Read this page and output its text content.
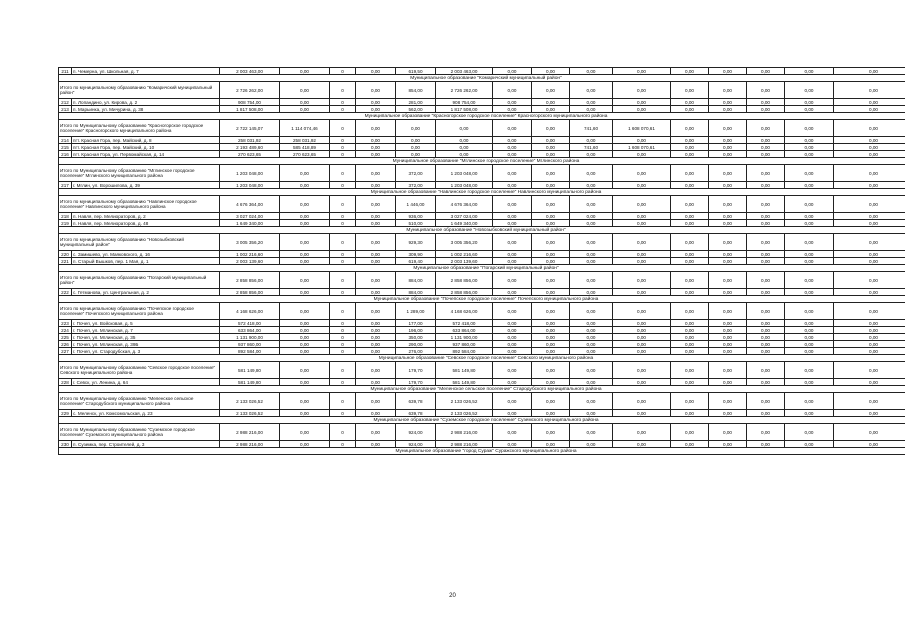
211	п. Чемерна, ул. Школьная, д. 7	2 003 463,00	0,00	0	0,00	619,50	2 003 463,00	0,00	0,00	0,00	0,00	0,00	0,00	0,00	0,00	0,00
Муниципальное образование "Комаричский муниципальный район"																
Итого по муниципальному образованию "Комаричский муниципальный район"		2 726 262,00	0,00	0	0,00	854,00	2 726 262,00	0,00	0,00	0,00	0,00	0,00	0,00	0,00	0,00	0,00
212	п. Лопандино, ул. Кирова, д. 2	908 754,00	0,00	0	0,00	281,00	908 754,00	0,00	0,00	0,00	0,00	0,00	0,00	0,00	0,00	0,00
213	п. Марьинка, ул. Мичурина, д. 38	1 817 508,00	0,00	0	0,00	562,00	1 817 508,00	0,00	0,00	0,00	0,00	0,00	0,00	0,00	0,00	0,00
Муниципальное образование "Красногорское городское поселение" Красногорского муниципального района																
Итого по Муниципальному образованию "Красногорское городское поселение" Красногорского муниципального района		2 722 145,07	1 114 074,46	0	0,00	0,00	0,00	0,00	0,00	741,60	1 608 070,61	0,00	0,00	0,00	0,00	0,00
214	пгт. Красная Гора, пер. Майский, д. 8	258 031,92	258 031,92	0	0,00	0,00	0,00	0,00	0,00	0,00	0,00	0,00	0,00	0,00	0,00	0,00
215	пгт. Красная Гора, пер. Майский, д. 10	2 193 489,60	585 418,89	0	0,00	0,00	0,00	0,00	0,00	741,60	1 608 070,61	0,00	0,00	0,00	0,00	0,00
216	пгт. Красная Гора, ул. Первомайская, д. 14	270 623,65	270 623,65	0	0,00	0,00	0,00	0,00	0,00	0,00	0,00	0,00	0,00	0,00	0,00	0,00
Муниципальное образование "Мглинское городское поселение" Мглинского района																
Итого по Муниципальному образованию "Мглинское городское поселение" Мглинского муниципального района		1 203 048,00	0,00	0	0,00	372,00	1 203 048,00	0,00	0,00	0,00	0,00	0,00	0,00	0,00	0,00	0,00
217	г. Мглин, ул. Ворошилова, д. 39	1 203 048,00	0,00	0	0,00	372,00	1 203 048,00	0,00	0,00	0,00	0,00	0,00	0,00	0,00	0,00	0,00
Муниципальное образование "Навлинское городское поселение" Навлинского муниципального района																
Итого по муниципальному образованию "Навлинское городское поселение" Навлинского муниципального района		4 676 364,00	0,00	0	0,00	1 446,00	4 676 364,00	0,00	0,00	0,00	0,00	0,00	0,00	0,00	0,00	0,00
218	п. Навля, пер. Мелиораторов, д. 2	3 027 024,00	0,00	0	0,00	936,00	3 027 024,00	0,00	0,00	0,00	0,00	0,00	0,00	0,00	0,00	0,00
219	п. Навля, пер. Мелиораторов, д. 48	1 649 340,00	0,00	0	0,00	510,00	1 649 340,00	0,00	0,00	0,00	0,00	0,00	0,00	0,00	0,00	0,00
Муниципальное образование "Новозыбковский муниципальный район"																
Итого по муниципальному образованию "Новозыбковский муниципальный район"		3 005 356,20	0,00	0	0,00	929,30	3 005 356,20	0,00	0,00	0,00	0,00	0,00	0,00	0,00	0,00	0,00
220	с. Замишево, ул. Маяковского, д. 16	1 002 216,60	0,00	0	0,00	309,90	1 002 216,60	0,00	0,00	0,00	0,00	0,00	0,00	0,00	0,00	0,00
221	п. Старый Вышков, пер. 1 Мая, д. 1	2 003 139,60	0,00	0	0,00	619,40	2 003 139,60	0,00	0,00	0,00	0,00	0,00	0,00	0,00	0,00	0,00
Муниципальное образование "Погарский муниципальный район"																
Итого по муниципальному образованию "Погарский муниципальный район"		2 858 856,00	0,00	0	0,00	884,00	2 858 856,00	0,00	0,00	0,00	0,00	0,00	0,00	0,00	0,00	0,00
222	с. Гетманова, ул. Центральная, д. 2	2 858 856,00	0,00	0	0,00	884,00	2 858 856,00	0,00	0,00	0,00	0,00	0,00	0,00	0,00	0,00	0,00
Муниципальное образование "Почепское городское поселение" Почепского муниципального района																
Итого по муниципальному образованию "Почепское городское поселение" Почепского муниципального района		4 168 626,00	0,00	0	0,00	1 289,00	4 168 626,00	0,00	0,00	0,00	0,00	0,00	0,00	0,00	0,00	0,00
223	г. Почеп, ул. Войсковая, д. 5	572 418,00	0,00	0	0,00	177,00	572 418,00	0,00	0,00	0,00	0,00	0,00	0,00	0,00	0,00	0,00
224	г. Почеп, ул. Мглинская, д. 7	633 864,00	0,00	0	0,00	196,00	633 864,00	0,00	0,00	0,00	0,00	0,00	0,00	0,00	0,00	0,00
225	г. Почеп, ул. Мглинская, д. 35	1 131 900,00	0,00	0	0,00	350,00	1 131 900,00	0,00	0,00	0,00	0,00	0,00	0,00	0,00	0,00	0,00
226	г. Почеп, ул. Мглинская, д. 39Б	937 860,00	0,00	0	0,00	290,00	937 860,00	0,00	0,00	0,00	0,00	0,00	0,00	0,00	0,00	0,00
227	г. Почеп, ул. Стародубская, д. 3	892 584,00	0,00	0	0,00	276,00	892 584,00	0,00	0,00	0,00	0,00	0,00	0,00	0,00	0,00	0,00
Муниципальное образование "Севское городское поселение" Севского муниципального района																
Итого по Муниципальному образованию "Севское городское поселение" Севского муниципального района		581 149,80	0,00	0	0,00	179,70	581 149,80	0,00	0,00	0,00	0,00	0,00	0,00	0,00	0,00	0,00
228	г. Севск, ул. Ленина, д. 64	581 149,80	0,00	0	0,00	179,70	581 149,80	0,00	0,00	0,00	0,00	0,00	0,00	0,00	0,00	0,00
Муниципальное образование "Меленское сельское поселение" Стародубского муниципального района																
Итого по Муниципальному образованию "Меленское сельское поселение" Стародубского муниципального района		2 133 026,52	0,00	0	0,00	639,78	2 133 026,52	0,00	0,00	0,00	0,00	0,00	0,00	0,00	0,00	0,00
229	с. Меленск, ул. Комсомольская, д. 23	2 133 026,52	0,00	0	0,00	639,78	2 133 026,52	0,00	0,00	0,00	0,00	0,00	0,00	0,00	0,00	0,00
Муниципальное образование "Суземское городское поселение" Суземского муниципального района																
Итого по Муниципальному образованию "Суземское городское поселение" Суземского муниципального района		2 988 216,00	0,00	0	0,00	924,00	2 988 216,00	0,00	0,00	0,00	0,00	0,00	0,00	0,00	0,00	0,00
230	п. Суземка, пер. Строителей, д. 3	2 988 216,00	0,00	0	0,00	924,00	2 988 216,00	0,00	0,00	0,00	0,00	0,00	0,00	0,00	0,00	0,00
Муниципальное образование "город Сураж" Суражского муниципального района																
20
